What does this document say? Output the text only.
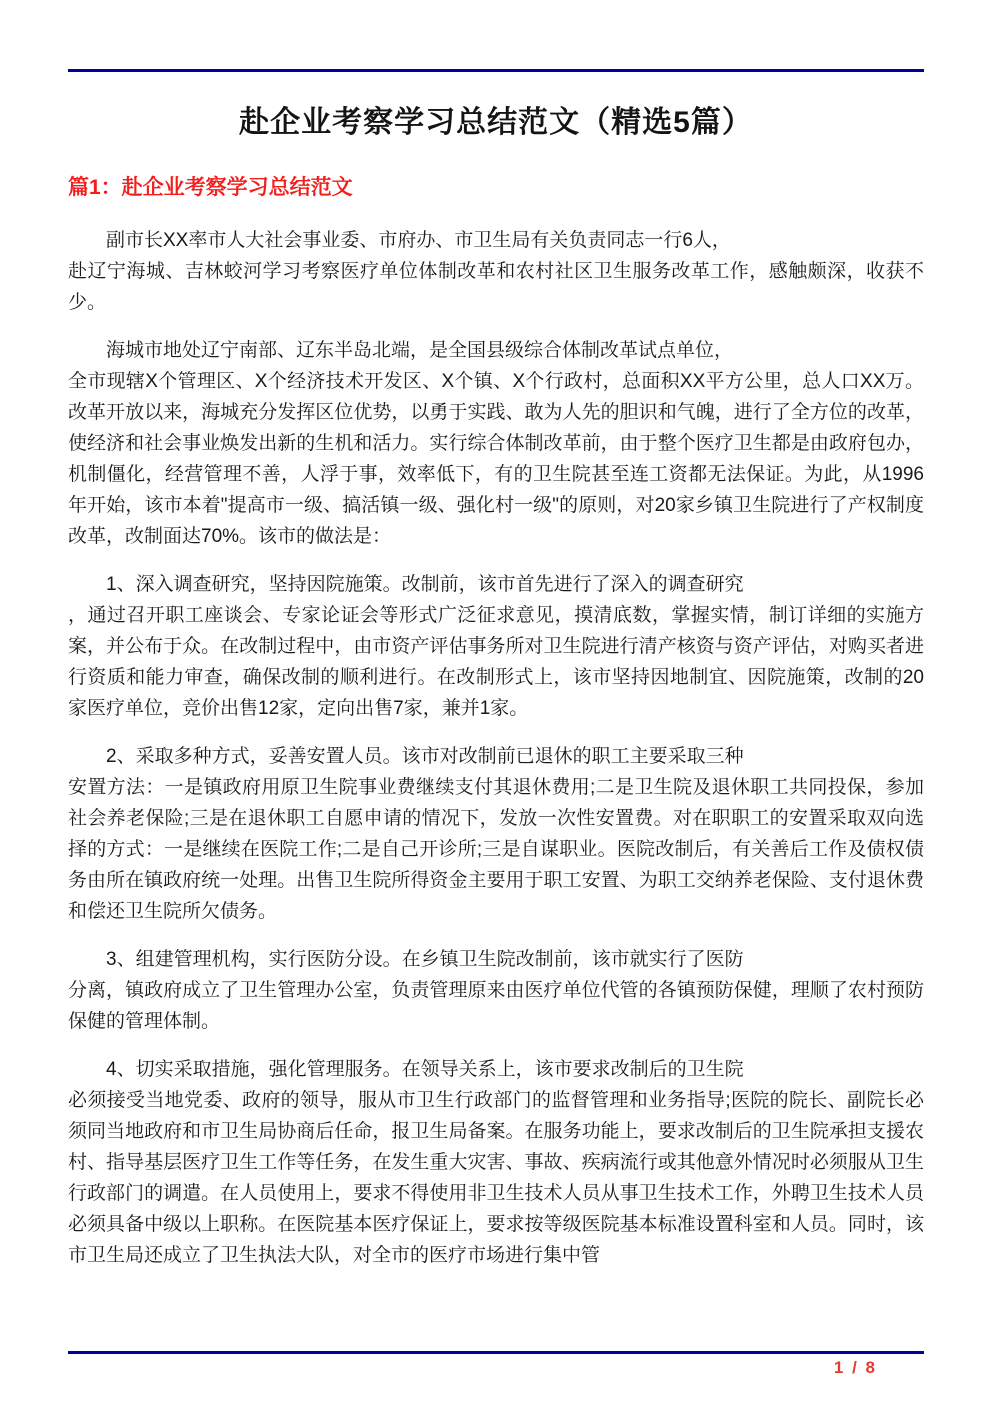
赴企业考察学习总结范文（精选5篇）
篇1：赴企业考察学习总结范文

副市长XX率市人大社会事业委、市府办、市卫生局有关负责同志一行6人，
赴辽宁海城、吉林蛟河学习考察医疗单位体制改革和农村社区卫生服务改革工作，感触颇深，收获不少。

海城市地处辽宁南部、辽东半岛北端，是全国县级综合体制改革试点单位，
全市现辖X个管理区、X个经济技术开发区、X个镇、X个行政村，总面积XX平方公里，总人口XX万。改革开放以来，海城充分发挥区位优势，以勇于实践、敢为人先的胆识和气魄，进行了全方位的改革，使经济和社会事业焕发出新的生机和活力。实行综合体制改革前，由于整个医疗卫生都是由政府包办，机制僵化，经营管理不善，人浮于事，效率低下，有的卫生院甚至连工资都无法保证。为此，从1996年开始，该市本着"提高市一级、搞活镇一级、强化村一级"的原则，对20家乡镇卫生院进行了产权制度改革，改制面达70%。该市的做法是：

1、深入调查研究，坚持因院施策。改制前，该市首先进行了深入的调查研究
，通过召开职工座谈会、专家论证会等形式广泛征求意见，摸清底数，掌握实情，制订详细的实施方案，并公布于众。在改制过程中，由市资产评估事务所对卫生院进行清产核资与资产评估，对购买者进行资质和能力审查，确保改制的顺利进行。在改制形式上，该市坚持因地制宜、因院施策，改制的20家医疗单位，竞价出售12家，定向出售7家，兼并1家。

2、采取多种方式，妥善安置人员。该市对改制前已退休的职工主要采取三种
安置方法：一是镇政府用原卫生院事业费继续支付其退休费用;二是卫生院及退休职工共同投保，参加社会养老保险;三是在退休职工自愿申请的情况下，发放一次性安置费。对在职职工的安置采取双向选择的方式：一是继续在医院工作;二是自己开诊所;三是自谋职业。医院改制后，有关善后工作及债权债务由所在镇政府统一处理。出售卫生院所得资金主要用于职工安置、为职工交纳养老保险、支付退休费和偿还卫生院所欠债务。

3、组建管理机构，实行医防分设。在乡镇卫生院改制前，该市就实行了医防
分离，镇政府成立了卫生管理办公室，负责管理原来由医疗单位代管的各镇预防保健，理顺了农村预防保健的管理体制。

4、切实采取措施，强化管理服务。在领导关系上，该市要求改制后的卫生院
必须接受当地党委、政府的领导，服从市卫生行政部门的监督管理和业务指导;医院的院长、副院长必须同当地政府和市卫生局协商后任命，报卫生局备案。在服务功能上，要求改制后的卫生院承担支援农村、指导基层医疗卫生工作等任务，在发生重大灾害、事故、疾病流行或其他意外情况时必须服从卫生行政部门的调遣。在人员使用上，要求不得使用非卫生技术人员从事卫生技术工作，外聘卫生技术人员必须具备中级以上职称。在医院基本医疗保证上，要求按等级医院基本标准设置科室和人员。同时，该市卫生局还成立了卫生执法大队，对全市的医疗市场进行集中管

1 / 8
